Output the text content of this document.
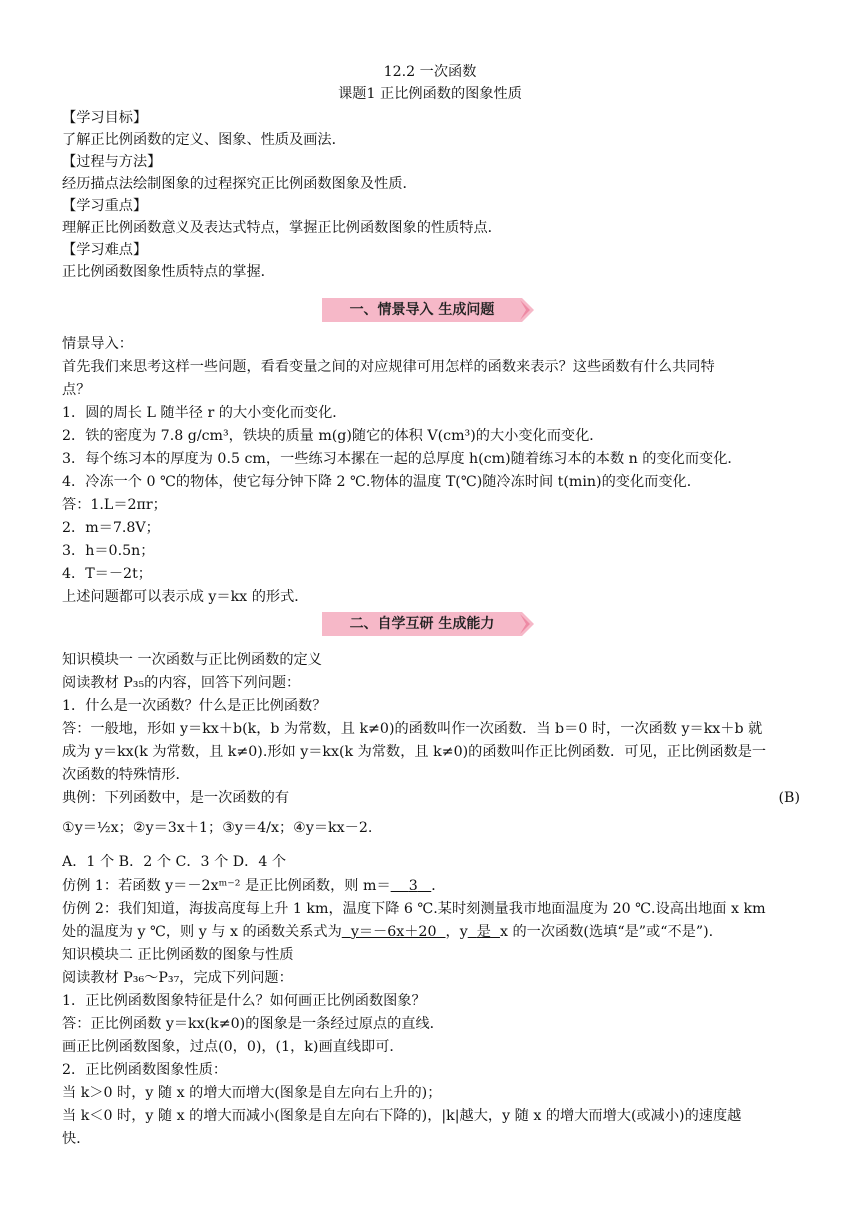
12.2 一次函数
课题1 正比例函数的图象性质
【学习目标】
了解正比例函数的定义、图象、性质及画法．
【过程与方法】
经历描点法绘制图象的过程探究正比例函数图象及性质．
【学习重点】
理解正比例函数意义及表达式特点，掌握正比例函数图象的性质特点．
【学习难点】
正比例函数图象性质特点的掌握．
一、情景导入 生成问题
情景导入：
首先我们来思考这样一些问题，看看变量之间的对应规律可用怎样的函数来表示？这些函数有什么共同特
点？
1．圆的周长 L 随半径 r 的大小变化而变化．
2．铁的密度为 7.8 g/cm³，铁块的质量 m(g)随它的体积 V(cm³)的大小变化而变化．
3．每个练习本的厚度为 0.5 cm，一些练习本摞在一起的总厚度 h(cm)随着练习本的本数 n 的变化而变化．
4．冷冻一个 0 ℃的物体，使它每分钟下降 2 ℃.物体的温度 T(℃)随冷冻时间 t(min)的变化而变化．
答：1.L＝2πr；
2．m＝7.8V；
3．h＝0.5n；
4．T＝－2t；
上述问题都可以表示成 y＝kx 的形式．
二、自学互研 生成能力
知识模块一 一次函数与正比例函数的定义
阅读教材 P₃₅的内容，回答下列问题：
1．什么是一次函数？什么是正比例函数？
答：一般地，形如 y＝kx＋b(k，b 为常数，且 k≠0)的函数叫作一次函数．当 b＝0 时，一次函数 y＝kx＋b 就
成为 y＝kx(k 为常数，且 k≠0).形如 y＝kx(k 为常数，且 k≠0)的函数叫作正比例函数．可见，正比例函数是一
次函数的特殊情形．
典例：下列函数中，是一次函数的有	(B)
①y＝½x；②y＝3x＋1；③y＝4/x；④y＝kx－2.
A．1 个 B．2 个 C．3 个 D．4 个
仿例 1：若函数 y＝－2xᵐ⁻² 是正比例函数，则 m＝ 3 ．
仿例 2：我们知道，海拔高度每上升 1 km，温度下降 6 ℃.某时刻测量我市地面温度为 20 ℃.设高出地面 x km
处的温度为 y ℃，则 y 与 x 的函数关系式为 y＝－6x＋20 ，y 是 x 的一次函数(选填“是”或“不是”).
知识模块二 正比例函数的图象与性质
阅读教材 P₃₆～P₃₇，完成下列问题：
1．正比例函数图象特征是什么？如何画正比例函数图象？
答：正比例函数 y＝kx(k≠0)的图象是一条经过原点的直线．
画正比例函数图象，过点(0，0)，(1，k)画直线即可．
2．正比例函数图象性质：
当 k＞0 时，y 随 x 的增大而增大(图象是自左向右上升的)；
当 k＜0 时，y 随 x 的增大而减小(图象是自左向右下降的)，|k|越大，y 随 x 的增大而增大(或减小)的速度越
快．
